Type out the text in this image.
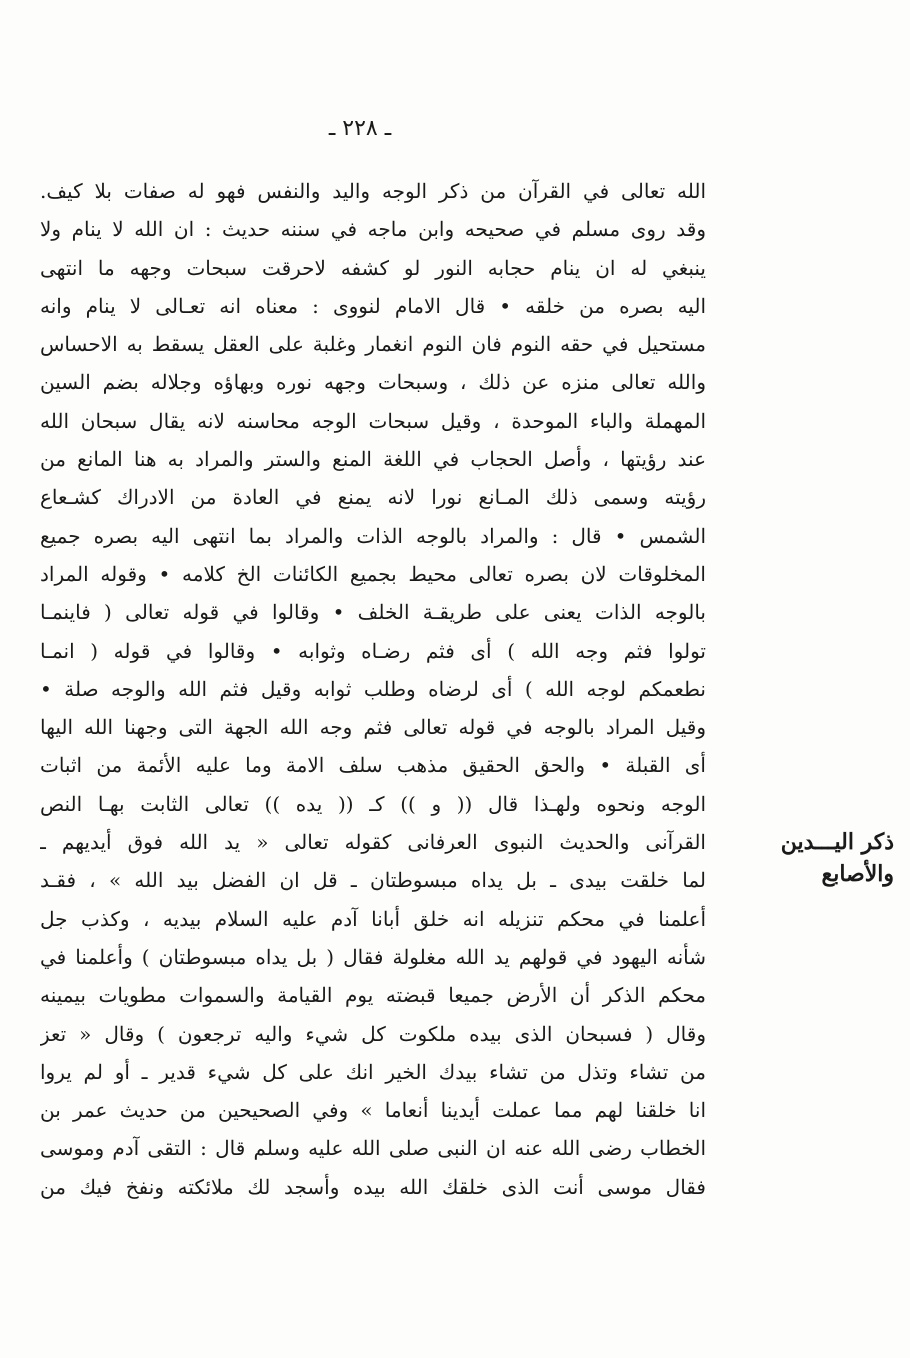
ـ ٢٢٨ ـ
ذكر اليـــدين
والأصابع
الله تعالى في القرآن من ذكر الوجه واليد والنفس فهو له صفات بلا كيف.
وقد روى مسلم في صحيحه وابن ماجه في سننه حديث : ان الله لا ينام ولا
ينبغي له ان ينام حجابه النور لو كشفه لاحرقت سبحات وجهه ما انتهى
اليه بصره من خلقه • قال الامام لنووى : معناه انه تعـالى لا ينام وانه
مستحيل في حقه النوم فان النوم انغمار وغلبة على العقل يسقط به الاحساس
والله تعالى منزه عن ذلك ، وسبحات وجهه نوره وبهاؤه وجلاله بضم السين
المهملة والباء الموحدة ، وقيل سبحات الوجه محاسنه لانه يقال سبحان الله
عند رؤيتها ، وأصل الحجاب في اللغة المنع والستر والمراد به هنا المانع من
رؤيته وسمى ذلك المـانع نورا لانه يمنع في العادة من الادراك كشـعاع
الشمس • قال : والمراد بالوجه الذات والمراد بما انتهى اليه بصره جميع
المخلوقات لان بصره تعالى محيط بجميع الكائنات الخ كلامه • وقوله المراد
بالوجه الذات يعنى على طريقـة الخلف • وقالوا في قوله تعالى ( فاينمـا
تولوا فثم وجه الله ) أى فثم رضـاه وثوابه • وقالوا في قوله ( انمـا
نطعمكم لوجه الله ) أى لرضاه وطلب ثوابه وقيل فثم الله والوجه صلة •
وقيل المراد بالوجه في قوله تعالى فثم وجه الله الجهة التى وجهنا الله اليها
أى القبلة • والحق الحقيق مذهب سلف الامة وما عليه الأئمة من اثبات
الوجه ونحوه ولهـذا قال (( و )) كـ (( يده )) تعالى الثابت بهـا النص
القرآنى والحديث النبوى العرفانى كقوله تعالى « يد الله فوق أيديهم ـ
لما خلقت بيدى ـ بل يداه مبسوطتان ـ قل ان الفضل بيد الله » ، فقـد
أعلمنا في محكم تنزيله انه خلق أبانا آدم عليه السلام بيديه ، وكذب جل
شأنه اليهود في قولهم يد الله مغلولة فقال ( بل يداه مبسوطتان ) وأعلمنا في
محكم الذكر أن الأرض جميعا قبضته يوم القيامة والسموات مطويات بيمينه
وقال ( فسبحان الذى بيده ملكوت كل شيء واليه ترجعون ) وقال « تعز
من تشاء وتذل من تشاء بيدك الخير انك على كل شيء قدير ـ أو لم يروا
انا خلقنا لهم مما عملت أيدينا أنعاما » وفي الصحيحين من حديث عمر بن
الخطاب رضى الله عنه ان النبى صلى الله عليه وسلم قال : التقى آدم وموسى
فقال موسى أنت الذى خلقك الله بيده وأسجد لك ملائكته ونفخ فيك من
